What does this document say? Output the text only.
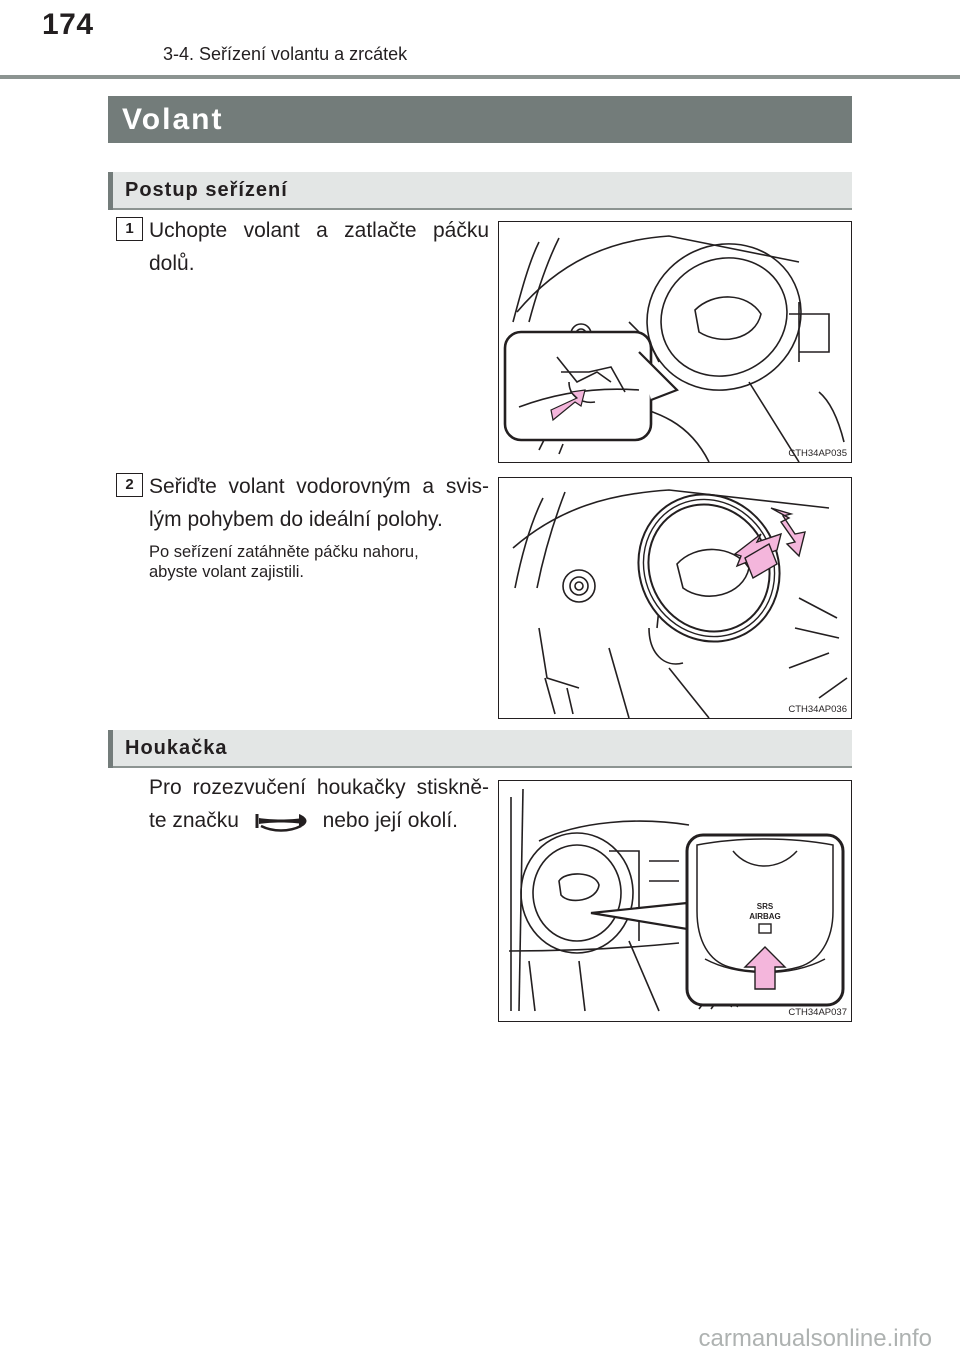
174
3-4. Seřízení volantu a zrcátek
Volant
Postup seřízení
1 Uchopte volant a zatlačte páčku
dolů.
CTH34AP035
2 Seřiďte volant vodorovným a svis-
lým pohybem do ideální polohy.
Po seřízení zatáhněte páčku nahoru,
abyste volant zajistili.
CTH34AP036
Houkačka
Pro rozezvučení houkačky stiskně-
te značku	nebo její okolí.
SRS
AIRBAG
CTH34AP037
carmanualsonline.info
